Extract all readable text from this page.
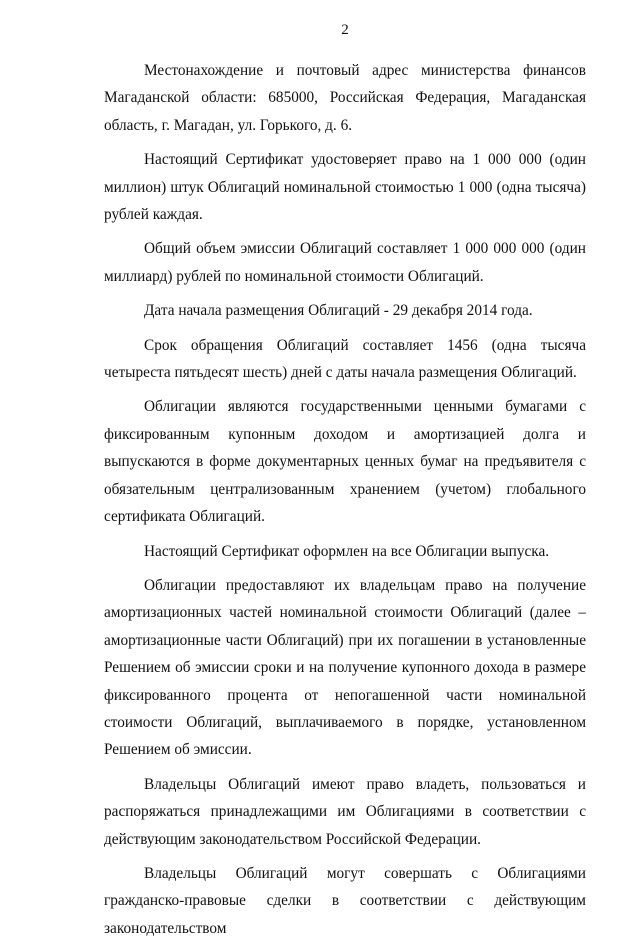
2

Местонахождение и почтовый адрес министерства финансов Магаданской области: 685000, Российская Федерация, Магаданская область, г. Магадан, ул. Горького, д. 6.

Настоящий Сертификат удостоверяет право на 1 000 000 (один миллион) штук Облигаций номинальной стоимостью 1 000 (одна тысяча) рублей каждая.

Общий объем эмиссии Облигаций составляет 1 000 000 000 (один миллиард) рублей по номинальной стоимости Облигаций.

Дата начала размещения Облигаций - 29 декабря 2014 года.

Срок обращения Облигаций составляет 1456 (одна тысяча четыреста пятьдесят шесть) дней с даты начала размещения Облигаций.

Облигации являются государственными ценными бумагами с фиксированным купонным доходом и амортизацией долга и выпускаются в форме документарных ценных бумаг на предъявителя с обязательным централизованным хранением (учетом) глобального сертификата Облигаций.

Настоящий Сертификат оформлен на все Облигации выпуска.

Облигации предоставляют их владельцам право на получение амортизационных частей номинальной стоимости Облигаций (далее – амортизационные части Облигаций) при их погашении в установленные Решением об эмиссии сроки и на получение купонного дохода в размере фиксированного процента от непогашенной части номинальной стоимости Облигаций, выплачиваемого в порядке, установленном Решением об эмиссии.

Владельцы Облигаций имеют право владеть, пользоваться и распоряжаться принадлежащими им Облигациями в соответствии с действующим законодательством Российской Федерации.

Владельцы Облигаций могут совершать с Облигациями гражданско-правовые сделки в соответствии с действующим законодательством
